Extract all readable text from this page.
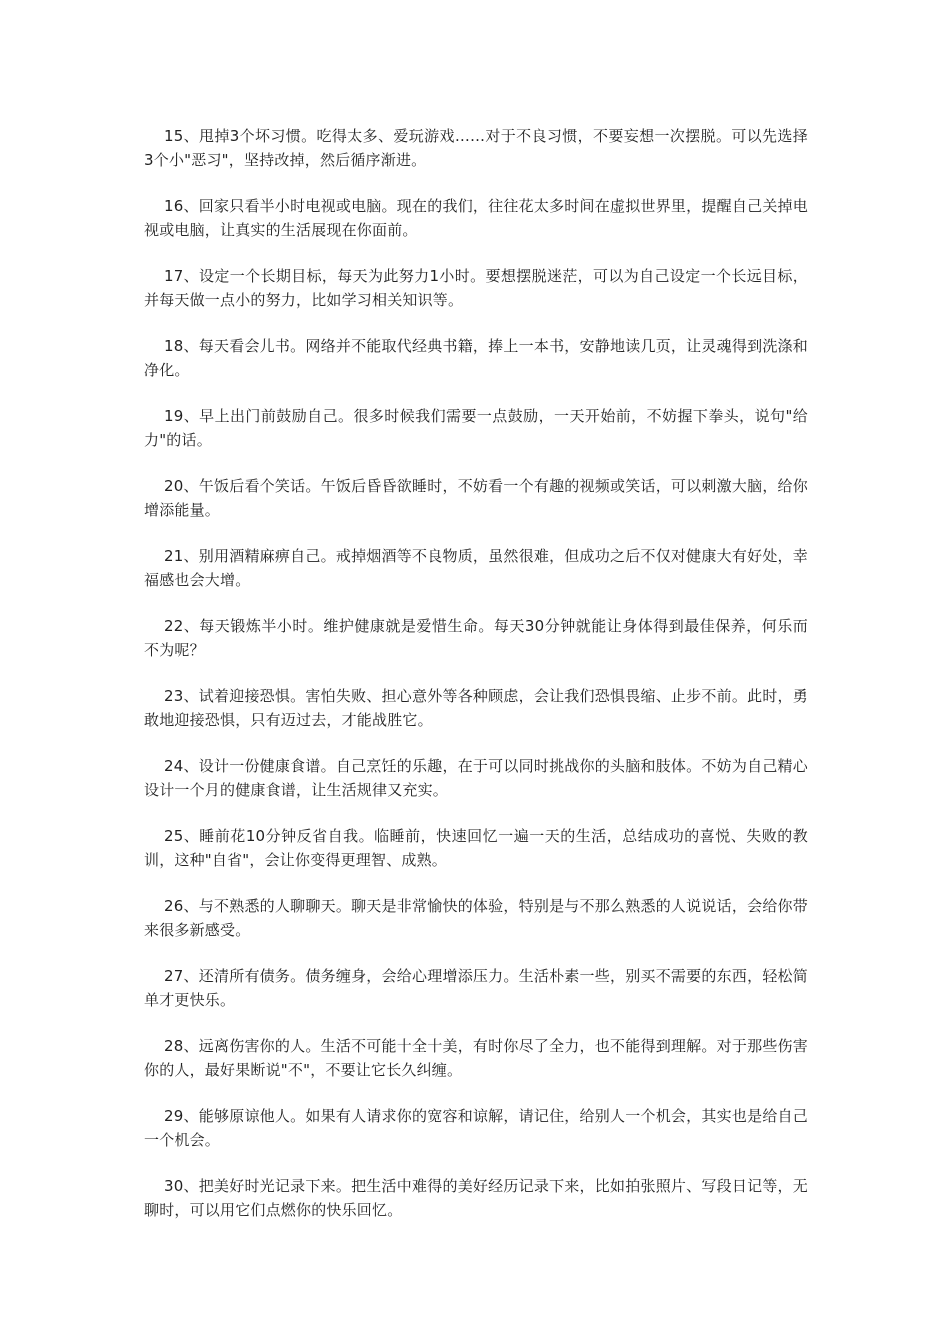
15、甩掉3个坏习惯。吃得太多、爱玩游戏……对于不良习惯，不要妄想一次摆脱。可以先选择3个小"恶习"，坚持改掉，然后循序渐进。

16、回家只看半小时电视或电脑。现在的我们，往往花太多时间在虚拟世界里，提醒自己关掉电视或电脑，让真实的生活展现在你面前。

17、设定一个长期目标，每天为此努力1小时。要想摆脱迷茫，可以为自己设定一个长远目标，并每天做一点小的努力，比如学习相关知识等。

18、每天看会儿书。网络并不能取代经典书籍，捧上一本书，安静地读几页，让灵魂得到洗涤和净化。

19、早上出门前鼓励自己。很多时候我们需要一点鼓励，一天开始前，不妨握下拳头，说句"给力"的话。

20、午饭后看个笑话。午饭后昏昏欲睡时，不妨看一个有趣的视频或笑话，可以刺激大脑，给你增添能量。

21、别用酒精麻痹自己。戒掉烟酒等不良物质，虽然很难，但成功之后不仅对健康大有好处，幸福感也会大增。

22、每天锻炼半小时。维护健康就是爱惜生命。每天30分钟就能让身体得到最佳保养，何乐而不为呢？

23、试着迎接恐惧。害怕失败、担心意外等各种顾虑，会让我们恐惧畏缩、止步不前。此时，勇敢地迎接恐惧，只有迈过去，才能战胜它。

24、设计一份健康食谱。自己烹饪的乐趣，在于可以同时挑战你的头脑和肢体。不妨为自己精心设计一个月的健康食谱，让生活规律又充实。

25、睡前花10分钟反省自我。临睡前，快速回忆一遍一天的生活，总结成功的喜悦、失败的教训，这种"自省"，会让你变得更理智、成熟。

26、与不熟悉的人聊聊天。聊天是非常愉快的体验，特别是与不那么熟悉的人说说话，会给你带来很多新感受。

27、还清所有债务。债务缠身，会给心理增添压力。生活朴素一些，别买不需要的东西，轻松简单才更快乐。

28、远离伤害你的人。生活不可能十全十美，有时你尽了全力，也不能得到理解。对于那些伤害你的人，最好果断说"不"，不要让它长久纠缠。

29、能够原谅他人。如果有人请求你的宽容和谅解，请记住，给别人一个机会，其实也是给自己一个机会。

30、把美好时光记录下来。把生活中难得的美好经历记录下来，比如拍张照片、写段日记等，无聊时，可以用它们点燃你的快乐回忆。
